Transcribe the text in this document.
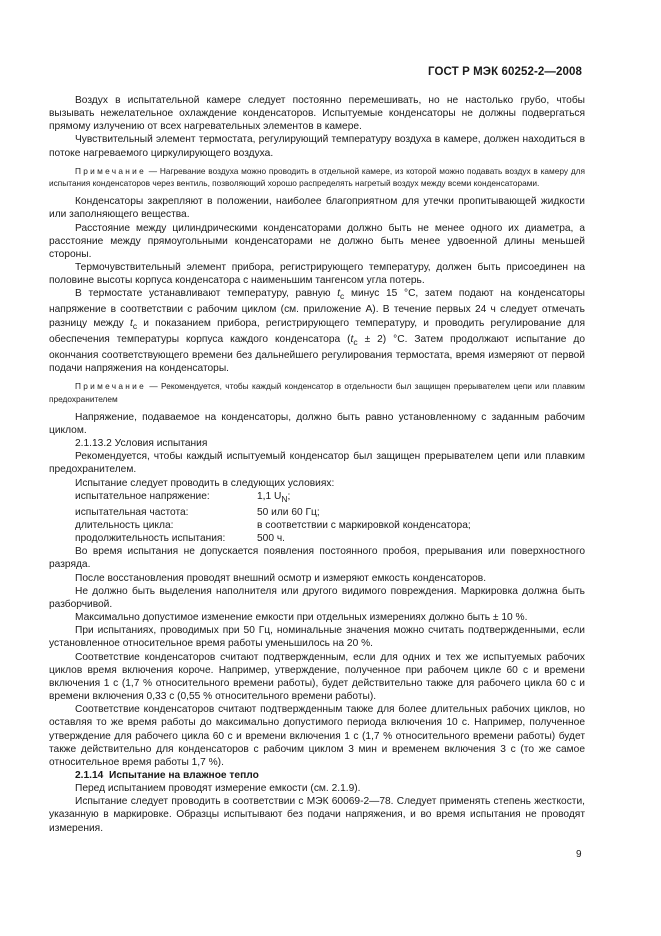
ГОСТ Р МЭК 60252-2—2008

Воздух в испытательной камере следует постоянно перемешивать, но не настолько грубо, чтобы вызывать нежелательное охлаждение конденсаторов. Испытуемые конденсаторы не должны подвергаться прямому излучению от всех нагревательных элементов в камере.

Чувствительный элемент термостата, регулирующий температуру воздуха в камере, должен находиться в потоке нагреваемого циркулирующего воздуха.

Примечание — Нагревание воздуха можно проводить в отдельной камере, из которой можно подавать воздух в камеру для испытания конденсаторов через вентиль, позволяющий хорошо распределять нагретый воздух между всеми конденсаторами.

Конденсаторы закрепляют в положении, наиболее благоприятном для утечки пропитывающей жидкости или заполняющего вещества.

Расстояние между цилиндрическими конденсаторами должно быть не менее одного их диаметра, а расстояние между прямоугольными конденсаторами не должно быть менее удвоенной длины меньшей стороны.

Термочувствительный элемент прибора, регистрирующего температуру, должен быть присоединен на половине высоты корпуса конденсатора с наименьшим тангенсом угла потерь.

В термостате устанавливают температуру, равную $t_c$ минус 15 °С, затем подают на конденсаторы напряжение в соответствии с рабочим циклом (см. приложение А). В течение первых 24 ч следует отмечать разницу между $t_c$ и показанием прибора, регистрирующего температуру, и проводить регулирование для обеспечения температуры корпуса каждого конденсатора $(t_c \pm 2)$ °С. Затем продолжают испытание до окончания соответствующего времени без дальнейшего регулирования термостата, время измеряют от первой подачи напряжения на конденсаторы.

Примечание — Рекомендуется, чтобы каждый конденсатор в отдельности был защищен прерывателем цепи или плавким предохранителем

Напряжение, подаваемое на конденсаторы, должно быть равно установленному с заданным рабочим циклом.

2.1.13.2 Условия испытания

Рекомендуется, чтобы каждый испытуемый конденсатор был защищен прерывателем цепи или плавким предохранителем.

Испытание следует проводить в следующих условиях:

испытательное напряжение:	1,1 $U_N$;
испытательная частота:	50 или 60 Гц;
длительность цикла:	в соответствии с маркировкой конденсатора;
продолжительность испытания:	500 ч.

Во время испытания не допускается появления постоянного пробоя, прерывания или поверхностного разряда.

После восстановления проводят внешний осмотр и измеряют емкость конденсаторов.

Не должно быть выделения наполнителя или другого видимого повреждения. Маркировка должна быть разборчивой.

Максимально допустимое изменение емкости при отдельных измерениях должно быть ± 10 %.

При испытаниях, проводимых при 50 Гц, номинальные значения можно считать подтвержденными, если установленное относительное время работы уменьшилось на 20 %.

Соответствие конденсаторов считают подтвержденным, если для одних и тех же испытуемых рабочих циклов время включения короче. Например, утверждение, полученное при рабочем цикле 60 с и времени включения 1 с (1,7 % относительного времени работы), будет действительно также для рабочего цикла 60 с и времени включения 0,33 с (0,55 % относительного времени работы).

Соответствие конденсаторов считают подтвержденным также для более длительных рабочих циклов, но оставляя то же время работы до максимально допустимого периода включения 10 с. Например, полученное утверждение для рабочего цикла 60 с и времени включения 1 с (1,7 % относительного времени работы) будет также действительно для конденсаторов с рабочим циклом 3 мин и временем включения 3 с (то же самое относительное время работы 1,7 %).

2.1.14 Испытание на влажное тепло

Перед испытанием проводят измерение емкости (см. 2.1.9).

Испытание следует проводить в соответствии с МЭК 60069-2—78. Следует применять степень жесткости, указанную в маркировке. Образцы испытывают без подачи напряжения, и во время испытания не проводят измерения.

9
